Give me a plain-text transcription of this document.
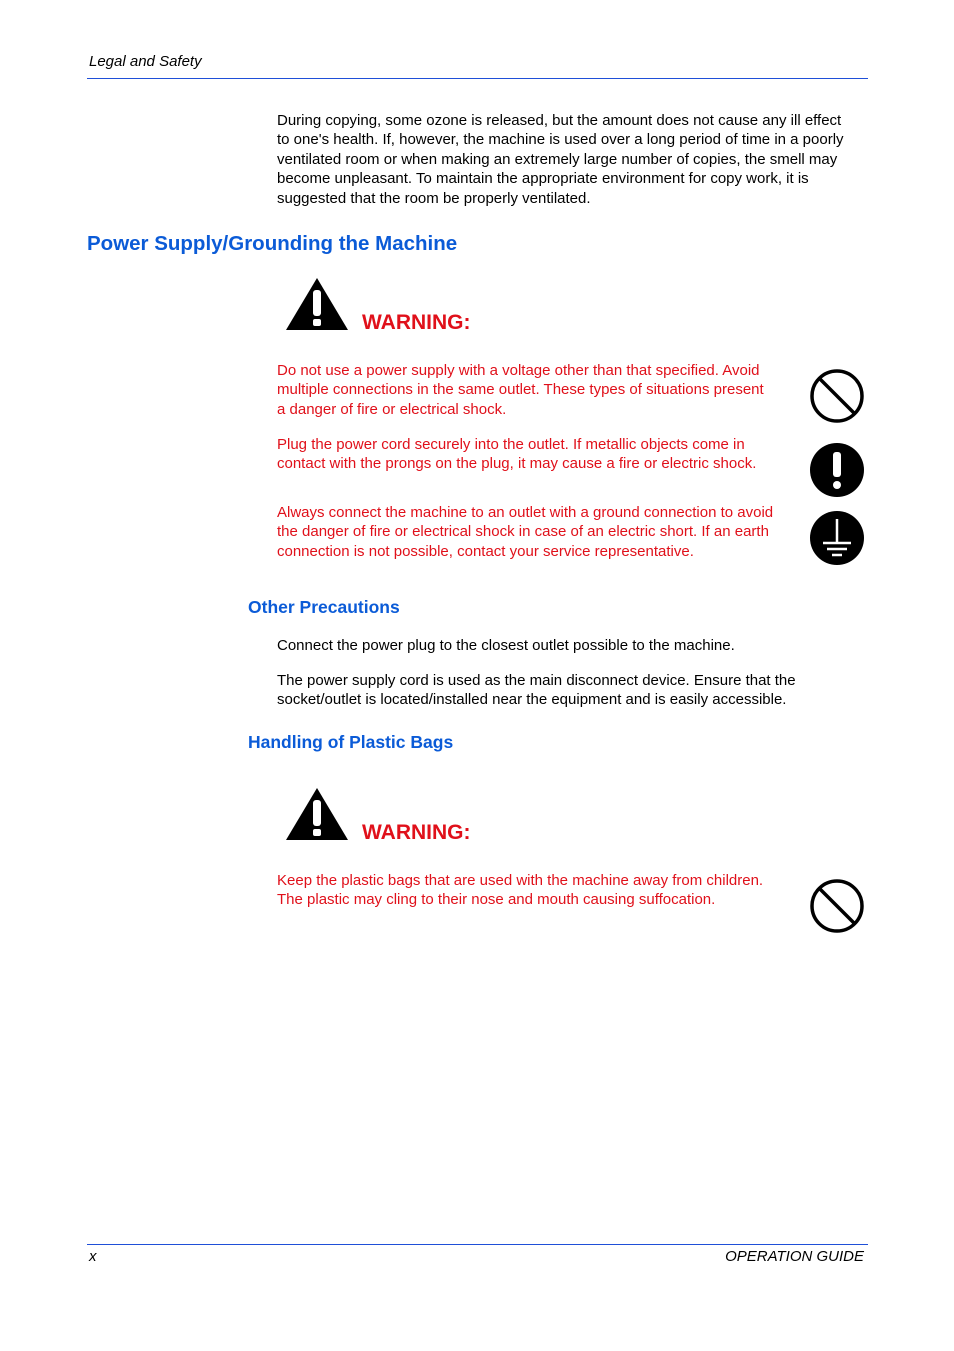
Legal and Safety
During copying, some ozone is released, but the amount does not cause any ill effect
to one's health. If, however, the machine is used over a long period of time in a poorly
ventilated room or when making an extremely large number of copies, the smell may
become unpleasant. To maintain the appropriate environment for copy work, it is
suggested that the room be properly ventilated.
Power Supply/Grounding the Machine
WARNING:
Do not use a power supply with a voltage other than that specified. Avoid
multiple connections in the same outlet. These types of situations present
a danger of fire or electrical shock.
Plug the power cord securely into the outlet. If metallic objects come in
contact with the prongs on the plug, it may cause a fire or electric shock.
Always connect the machine to an outlet with a ground connection to avoid
the danger of fire or electrical shock in case of an electric short. If an earth
connection is not possible, contact your service representative.
Other Precautions
Connect the power plug to the closest outlet possible to the machine.
The power supply cord is used as the main disconnect device. Ensure that the
socket/outlet is located/installed near the equipment and is easily accessible.
Handling of Plastic Bags
WARNING:
Keep the plastic bags that are used with the machine away from children.
The plastic may cling to their nose and mouth causing suffocation.
x	OPERATION GUIDE
